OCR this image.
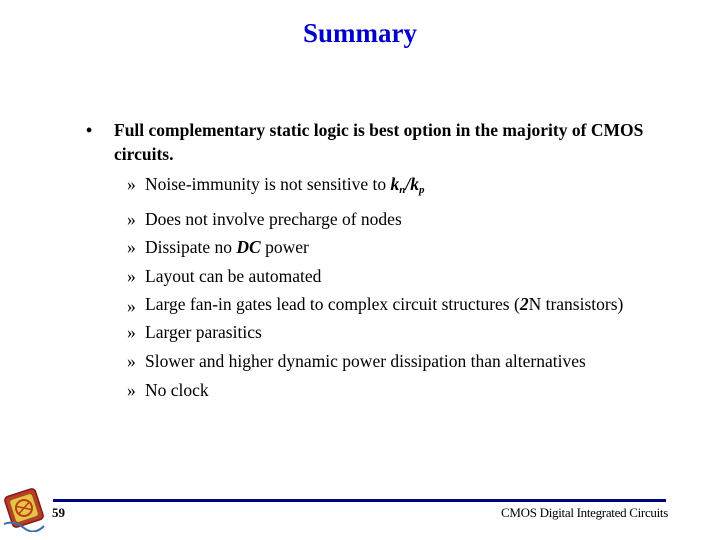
Summary
•	Full complementary static logic is best option in the majority of CMOS circuits.
» Noise-immunity is not sensitive to kn/kp
» Does not involve precharge of nodes
» Dissipate no DC power
» Layout can be automated
» Large fan-in gates lead to complex circuit structures (2N transistors)
» Larger parasitics
» Slower and higher dynamic power dissipation than alternatives
» No clock
59	CMOS Digital Integrated Circuits
